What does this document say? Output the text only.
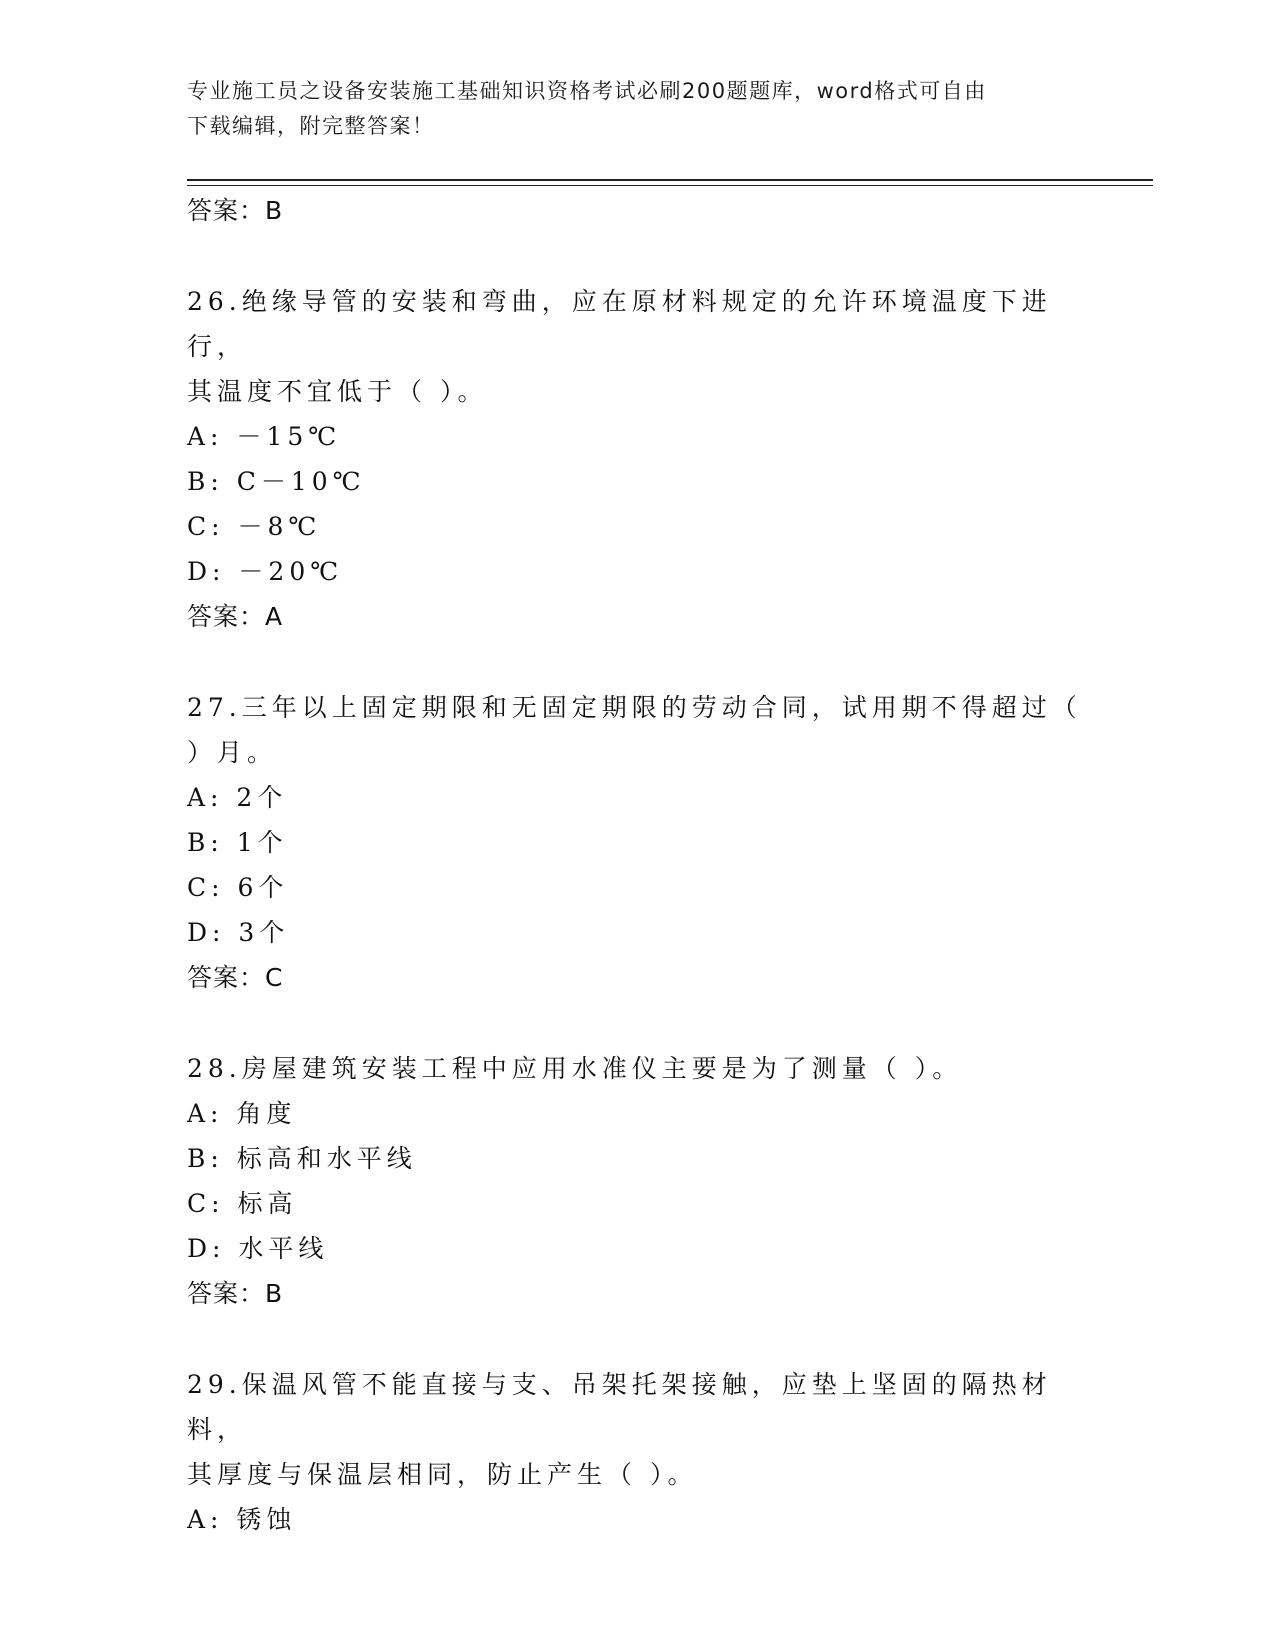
专业施工员之设备安装施工基础知识资格考试必刷200题题库，word格式可自由
下载编辑，附完整答案！
答案：B
26.绝缘导管的安装和弯曲，应在原材料规定的允许环境温度下进行，
其温度不宜低于（ ）。
A: －15℃
B: C－10℃
C: －8℃
D: －20℃
答案：A
27.三年以上固定期限和无固定期限的劳动合同，试用期不得超过（
）月。
A: 2个
B: 1个
C: 6个
D: 3个
答案：C
28.房屋建筑安装工程中应用水准仪主要是为了测量（ ）。
A: 角度
B: 标高和水平线
C: 标高
D: 水平线
答案：B
29.保温风管不能直接与支、吊架托架接触，应垫上坚固的隔热材料，
其厚度与保温层相同，防止产生（ ）。
A: 锈蚀
